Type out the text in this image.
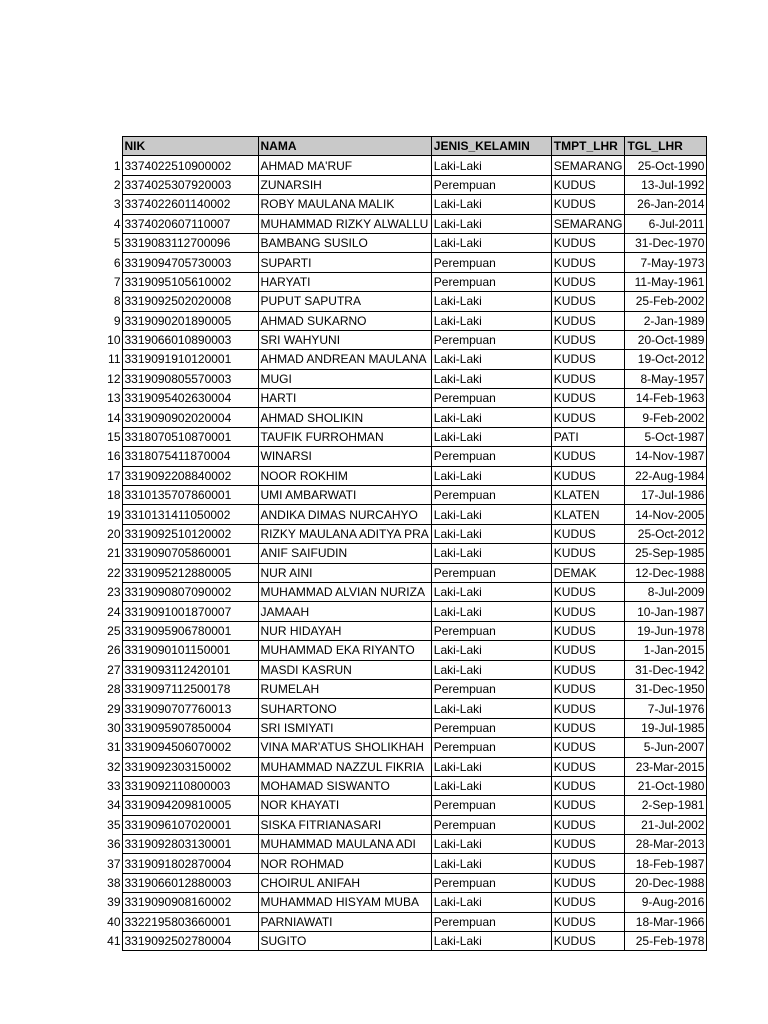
	NIK	NAMA	JENIS_KELAMIN	TMPT_LHR	TGL_LHR
1	3374022510900002	AHMAD MA'RUF	Laki-Laki	SEMARANG	25-Oct-1990
2	3374025307920003	ZUNARSIH	Perempuan	KUDUS	13-Jul-1992
3	3374022601140002	ROBY MAULANA MALIK	Laki-Laki	KUDUS	26-Jan-2014
4	3374020607110007	MUHAMMAD RIZKY ALWALLU	Laki-Laki	SEMARANG	6-Jul-2011
5	3319083112700096	BAMBANG SUSILO	Laki-Laki	KUDUS	31-Dec-1970
6	3319094705730003	SUPARTI	Perempuan	KUDUS	7-May-1973
7	3319095105610002	HARYATI	Perempuan	KUDUS	11-May-1961
8	3319092502020008	PUPUT SAPUTRA	Laki-Laki	KUDUS	25-Feb-2002
9	3319090201890005	AHMAD SUKARNO	Laki-Laki	KUDUS	2-Jan-1989
10	3319066010890003	SRI WAHYUNI	Perempuan	KUDUS	20-Oct-1989
11	3319091910120001	AHMAD ANDREAN MAULANA	Laki-Laki	KUDUS	19-Oct-2012
12	3319090805570003	MUGI	Laki-Laki	KUDUS	8-May-1957
13	3319095402630004	HARTI	Perempuan	KUDUS	14-Feb-1963
14	3319090902020004	AHMAD SHOLIKIN	Laki-Laki	KUDUS	9-Feb-2002
15	3318070510870001	TAUFIK FURROHMAN	Laki-Laki	PATI	5-Oct-1987
16	3318075411870004	WINARSI	Perempuan	KUDUS	14-Nov-1987
17	3319092208840002	NOOR ROKHIM	Laki-Laki	KUDUS	22-Aug-1984
18	3310135707860001	UMI AMBARWATI	Perempuan	KLATEN	17-Jul-1986
19	3310131411050002	ANDIKA DIMAS NURCAHYO	Laki-Laki	KLATEN	14-Nov-2005
20	3319092510120002	RIZKY MAULANA ADITYA PRA	Laki-Laki	KUDUS	25-Oct-2012
21	3319090705860001	ANIF SAIFUDIN	Laki-Laki	KUDUS	25-Sep-1985
22	3319095212880005	NUR AINI	Perempuan	DEMAK	12-Dec-1988
23	3319090807090002	MUHAMMAD ALVIAN NURIZA	Laki-Laki	KUDUS	8-Jul-2009
24	3319091001870007	JAMAAH	Laki-Laki	KUDUS	10-Jan-1987
25	3319095906780001	NUR HIDAYAH	Perempuan	KUDUS	19-Jun-1978
26	3319090101150001	MUHAMMAD EKA RIYANTO	Laki-Laki	KUDUS	1-Jan-2015
27	3319093112420101	MASDI KASRUN	Laki-Laki	KUDUS	31-Dec-1942
28	3319097112500178	RUMELAH	Perempuan	KUDUS	31-Dec-1950
29	3319090707760013	SUHARTONO	Laki-Laki	KUDUS	7-Jul-1976
30	3319095907850004	SRI ISMIYATI	Perempuan	KUDUS	19-Jul-1985
31	3319094506070002	VINA MAR'ATUS SHOLIKHAH	Perempuan	KUDUS	5-Jun-2007
32	3319092303150002	MUHAMMAD NAZZUL FIKRIA	Laki-Laki	KUDUS	23-Mar-2015
33	3319092110800003	MOHAMAD SISWANTO	Laki-Laki	KUDUS	21-Oct-1980
34	3319094209810005	NOR KHAYATI	Perempuan	KUDUS	2-Sep-1981
35	3319096107020001	SISKA FITRIANASARI	Perempuan	KUDUS	21-Jul-2002
36	3319092803130001	MUHAMMAD MAULANA ADI	Laki-Laki	KUDUS	28-Mar-2013
37	3319091802870004	NOR ROHMAD	Laki-Laki	KUDUS	18-Feb-1987
38	3319066012880003	CHOIRUL ANIFAH	Perempuan	KUDUS	20-Dec-1988
39	3319090908160002	MUHAMMAD HISYAM MUBA	Laki-Laki	KUDUS	9-Aug-2016
40	3322195803660001	PARNIAWATI	Perempuan	KUDUS	18-Mar-1966
41	3319092502780004	SUGITO	Laki-Laki	KUDUS	25-Feb-1978
